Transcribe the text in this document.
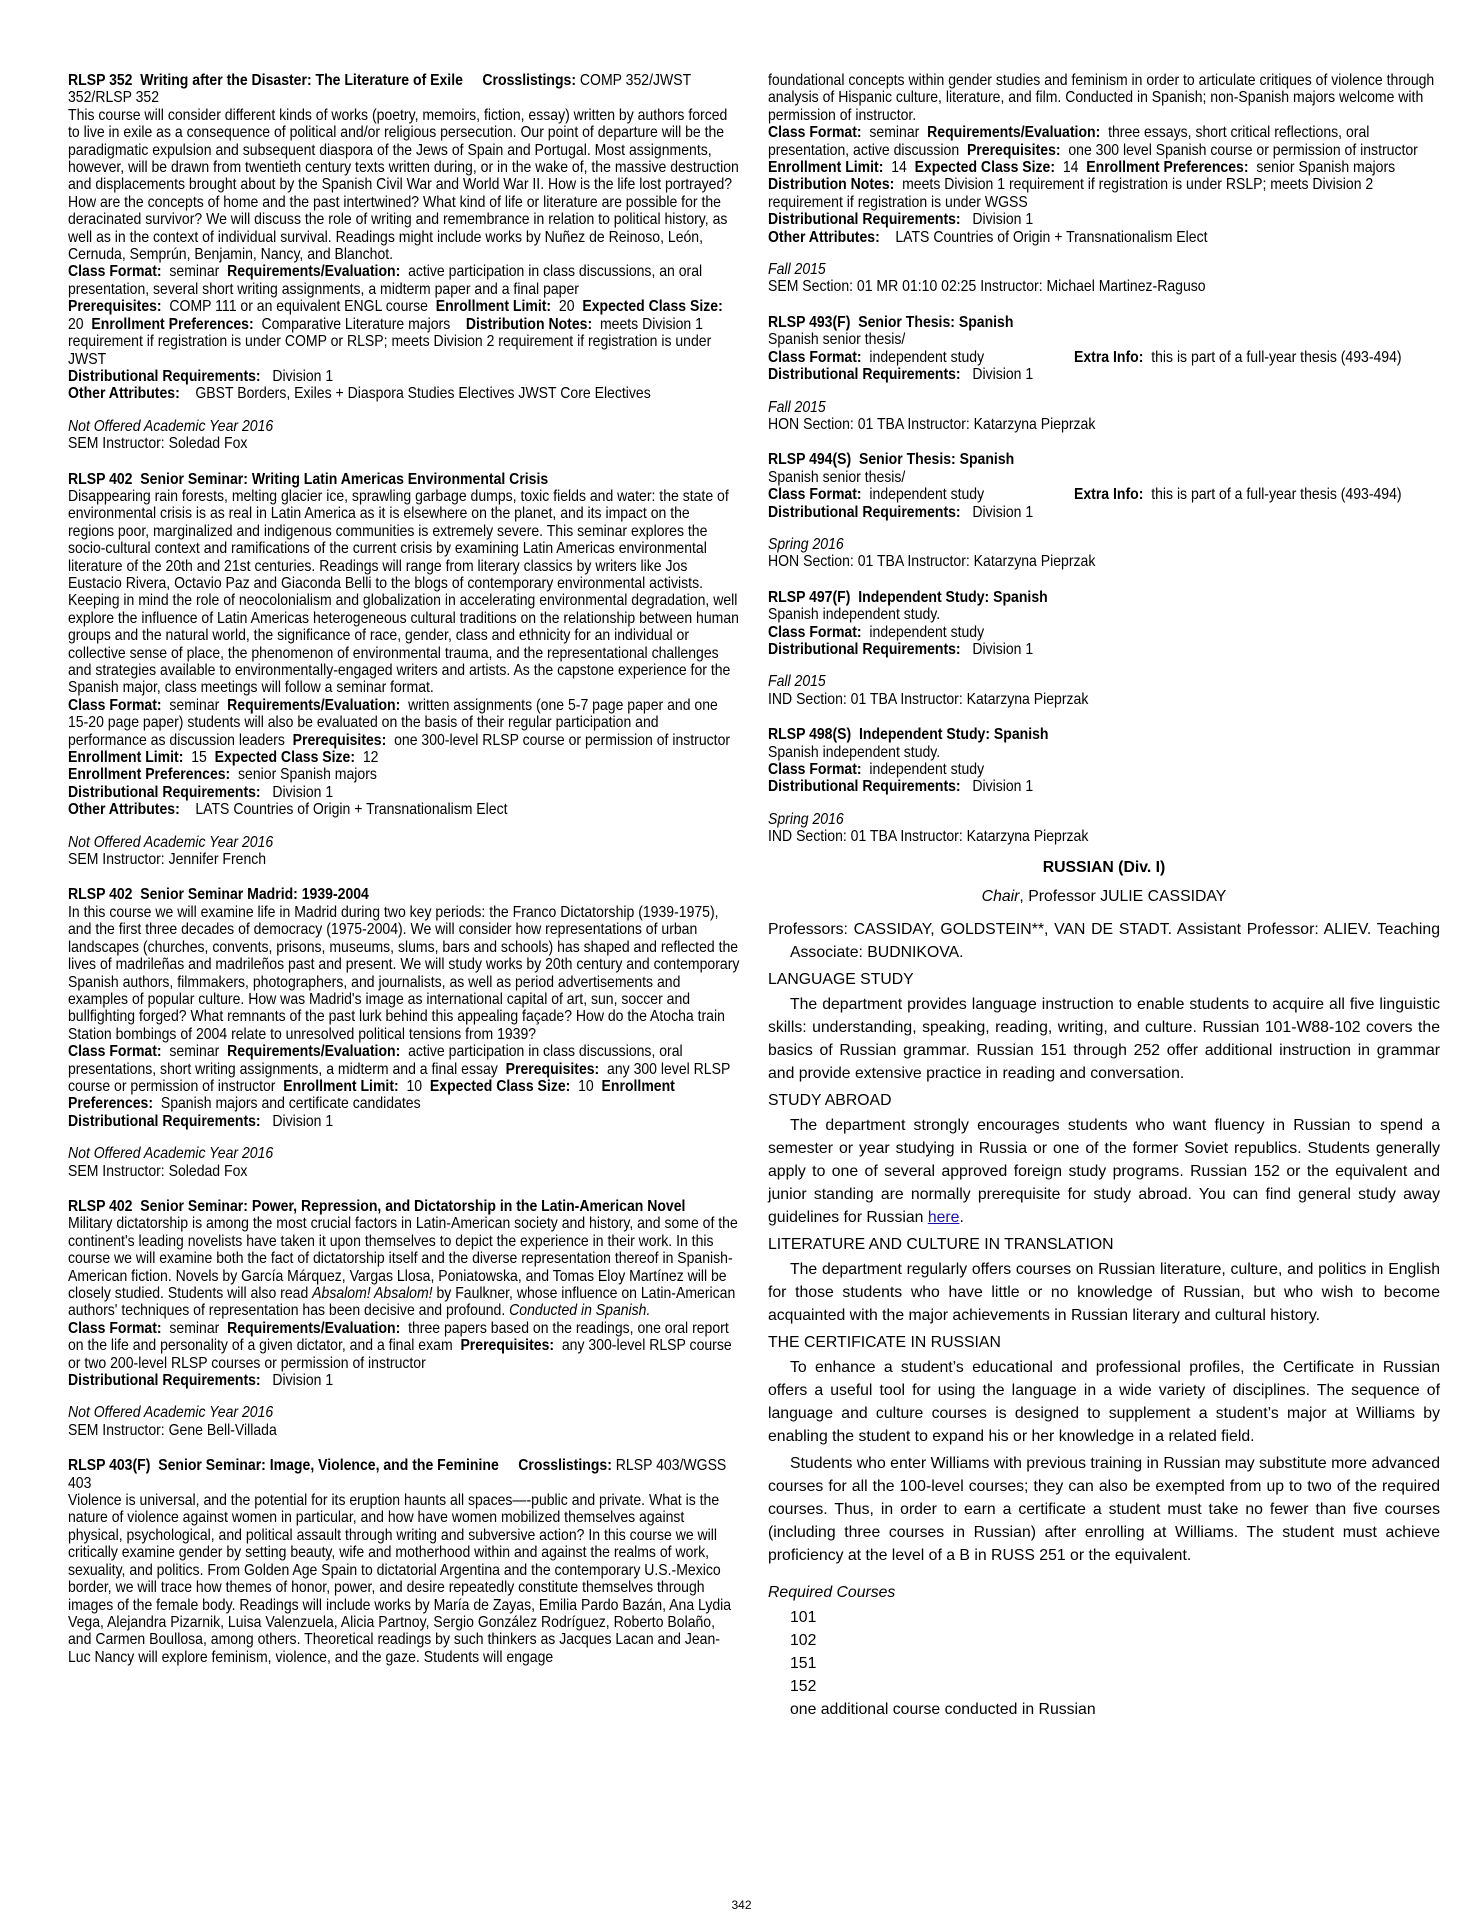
RLSP 352 Writing after the Disaster: The Literature of Exile Crosslistings: COMP 352/JWST 352/RLSP 352

This course will consider different kinds of works (poetry, memoirs, fiction, essay) written by authors forced to live in exile as a consequence of political and/or religious persecution. Our point of departure will be the paradigmatic expulsion and subsequent diaspora of the Jews of Spain and Portugal. Most assignments, however, will be drawn from twentieth century texts written during, or in the wake of, the massive destruction and displacements brought about by the Spanish Civil War and World War II. How is the life lost portrayed? How are the concepts of home and the past intertwined? What kind of life or literature are possible for the deracinated survivor? We will discuss the role of writing and remembrance in relation to political history, as well as in the context of individual survival. Readings might include works by Nuñez de Reinoso, León, Cernuda, Semprún, Benjamin, Nancy, and Blanchot.

Class Format: seminar Requirements/Evaluation: active participation in class discussions, an oral presentation, several short writing assignments, a midterm paper and a final paper
Prerequisites: COMP 111 or an equivalent ENGL course Enrollment Limit: 20 Expected Class Size:  20 Enrollment Preferences: Comparative Literature majors Distribution Notes: meets Division 1 requirement if registration is under COMP or RLSP; meets Division 2 requirement if registration is under JWST
Distributional Requirements: Division 1
Other Attributes: GBST Borders, Exiles + Diaspora Studies Electives JWST Core Electives

Not Offered Academic Year 2016
SEM Instructor: Soledad Fox
RLSP 402 Senior Seminar: Writing Latin Americas Environmental Crisis

Disappearing rain forests, melting glacier ice, sprawling garbage dumps, toxic fields and water: the state of environmental crisis is as real in Latin America as it is elsewhere on the planet, and its impact on the regions poor, marginalized and indigenous communities is extremely severe. This seminar explores the socio-cultural context and ramifications of the current crisis by examining Latin Americas environmental literature of the 20th and 21st centuries. Readings will range from literary classics by writers like Jos Eustacio Rivera, Octavio Paz and Giaconda Belli to the blogs of contemporary environmental activists. Keeping in mind the role of neocolonialism and globalization in accelerating environmental degradation, well explore the influence of Latin Americas heterogeneous cultural traditions on the relationship between human groups and the natural world, the significance of race, gender, class and ethnicity for an individual or collective sense of place, the phenomenon of environmental trauma, and the representational challenges and strategies available to environmentally-engaged writers and artists. As the capstone experience for the Spanish major, class meetings will follow a seminar format.

Class Format: seminar Requirements/Evaluation: written assignments (one 5-7 page paper and one 15-20 page paper) students will also be evaluated on the basis of their regular participation and performance as discussion leaders Prerequisites: one 300-level RLSP course or permission of instructor  Enrollment Limit: 15 Expected Class Size: 12
Enrollment Preferences: senior Spanish majors
Distributional Requirements: Division 1
Other Attributes: LATS Countries of Origin + Transnationalism Elect

Not Offered Academic Year 2016
SEM Instructor: Jennifer French
RLSP 402 Senior Seminar Madrid: 1939-2004

In this course we will examine life in Madrid during two key periods: the Franco Dictatorship (1939-1975), and the first three decades of democracy (1975-2004). We will consider how representations of urban landscapes (churches, convents, prisons, museums, slums, bars and schools) has shaped and reflected the lives of madrileñas and madrileños past and present. We will study works by 20th century and contemporary Spanish authors, filmmakers, photographers, and journalists, as well as period advertisements and examples of popular culture. How was Madrid's image as international capital of art, sun, soccer and bullfighting forged? What remnants of the past lurk behind this appealing façade? How do the Atocha train Station bombings of 2004 relate to unresolved political tensions from 1939?

Class Format: seminar Requirements/Evaluation: active participation in class discussions, oral presentations, short writing assignments, a midterm and a final essay Prerequisites: any 300 level RLSP course or permission of instructor Enrollment Limit: 10 Expected Class Size: 10 Enrollment Preferences: Spanish majors and certificate candidates
Distributional Requirements: Division 1

Not Offered Academic Year 2016
SEM Instructor: Soledad Fox
RLSP 402 Senior Seminar: Power, Repression, and Dictatorship in the Latin-American Novel

Military dictatorship is among the most crucial factors in Latin-American society and history, and some of the continent's leading novelists have taken it upon themselves to depict the experience in their work. In this course we will examine both the fact of dictatorship itself and the diverse representation thereof in Spanish-American fiction. Novels by García Márquez, Vargas Llosa, Poniatowska, and Tomas Eloy Martínez will be closely studied. Students will also read Absalom! Absalom! by Faulkner, whose influence on Latin-American authors' techniques of representation has been decisive and profound. Conducted in Spanish.

Class Format: seminar Requirements/Evaluation: three papers based on the readings, one oral report on the life and personality of a given dictator, and a final exam Prerequisites: any 300-level RLSP course or two 200-level RLSP courses or permission of instructor
Distributional Requirements: Division 1

Not Offered Academic Year 2016
SEM Instructor: Gene Bell-Villada
RLSP 403(F) Senior Seminar: Image, Violence, and the Feminine Crosslistings: RLSP 403/WGSS 403

Violence is universal, and the potential for its eruption haunts all spaces—-public and private. What is the nature of violence against women in particular, and how have women mobilized themselves against physical, psychological, and political assault through writing and subversive action? In this course we will critically examine gender by setting beauty, wife and motherhood within and against the realms of work, sexuality, and politics. From Golden Age Spain to dictatorial Argentina and the contemporary U.S.-Mexico border, we will trace how themes of honor, power, and desire repeatedly constitute themselves through images of the female body. Readings will include works by María de Zayas, Emilia Pardo Bazán, Ana Lydia Vega, Alejandra Pizarnik, Luisa Valenzuela, Alicia Partnoy, Sergio González Rodríguez, Roberto Bolaño, and Carmen Boullosa, among others. Theoretical readings by such thinkers as Jacques Lacan and Jean-Luc Nancy will explore feminism, violence, and the gaze. Students will engage

foundational concepts within gender studies and feminism in order to articulate critiques of violence through analysis of Hispanic culture, literature, and film. Conducted in Spanish; non-Spanish majors welcome with permission of instructor.

Class Format: seminar Requirements/Evaluation: three essays, short critical reflections, oral presentation, active discussion Prerequisites: one 300 level Spanish course or permission of instructor  Enrollment Limit: 14 Expected Class Size: 14 Enrollment Preferences: senior Spanish majors   Distribution Notes: meets Division 1 requirement if registration is under RSLP; meets Division 2 requirement if registration is under WGSS
Distributional Requirements: Division 1
Other Attributes: LATS Countries of Origin + Transnationalism Elect

Fall 2015
SEM Section: 01 MR 01:10 02:25 Instructor: Michael Martinez-Raguso
RLSP 493(F) Senior Thesis: Spanish

Spanish senior thesis/

Class Format: independent study	Extra Info: this is part of a full-year thesis (493-494)

Distributional Requirements: Division 1

Fall 2015
HON Section: 01 TBA Instructor: Katarzyna Pieprzak
RLSP 494(S) Senior Thesis: Spanish

Spanish senior thesis/

Class Format: independent study	Extra Info: this is part of a full-year thesis (493-494)

Distributional Requirements: Division 1

Spring 2016
HON Section: 01 TBA Instructor: Katarzyna Pieprzak
RLSP 497(F) Independent Study: Spanish

Spanish independent study.

Class Format: independent study

Distributional Requirements: Division 1

Fall 2015
IND Section: 01 TBA Instructor: Katarzyna Pieprzak
RLSP 498(S) Independent Study: Spanish

Spanish independent study.

Class Format: independent study

Distributional Requirements: Division 1

Spring 2016
IND Section: 01 TBA Instructor: Katarzyna Pieprzak
RUSSIAN (Div. I)
Chair, Professor JULIE CASSIDAY

Professors: CASSIDAY, GOLDSTEIN**, VAN DE STADT. Assistant Professor: ALIEV. Teaching Associate: BUDNIKOVA.

LANGUAGE STUDY

The department provides language instruction to enable students to acquire all five linguistic skills: understanding, speaking, reading, writing, and culture. Russian 101-W88-102 covers the basics of Russian grammar. Russian 151 through 252 offer additional instruction in grammar and provide extensive practice in reading and conversation.

STUDY ABROAD

The department strongly encourages students who want fluency in Russian to spend a semester or year studying in Russia or one of the former Soviet republics. Students generally apply to one of several approved foreign study programs. Russian 152 or the equivalent and junior standing are normally prerequisite for study abroad. You can find general study away guidelines for Russian here.

LITERATURE AND CULTURE IN TRANSLATION

The department regularly offers courses on Russian literature, culture, and politics in English for those students who have little or no knowledge of Russian, but who wish to become acquainted with the major achievements in Russian literary and cultural history.

THE CERTIFICATE IN RUSSIAN

To enhance a student’s educational and professional profiles, the Certificate in Russian offers a useful tool for using the language in a wide variety of disciplines. The sequence of language and culture courses is designed to supplement a student’s major at Williams by enabling the student to expand his or her knowledge in a related field.

Students who enter Williams with previous training in Russian may substitute more advanced courses for all the 100-level courses; they can also be exempted from up to two of the required courses. Thus, in order to earn a certificate a student must take no fewer than five courses (including three courses in Russian) after enrolling at Williams. The student must achieve proficiency at the level of a B in RUSS 251 or the equivalent.

Required Courses
101
102
151
152
one additional course conducted in Russian
342
